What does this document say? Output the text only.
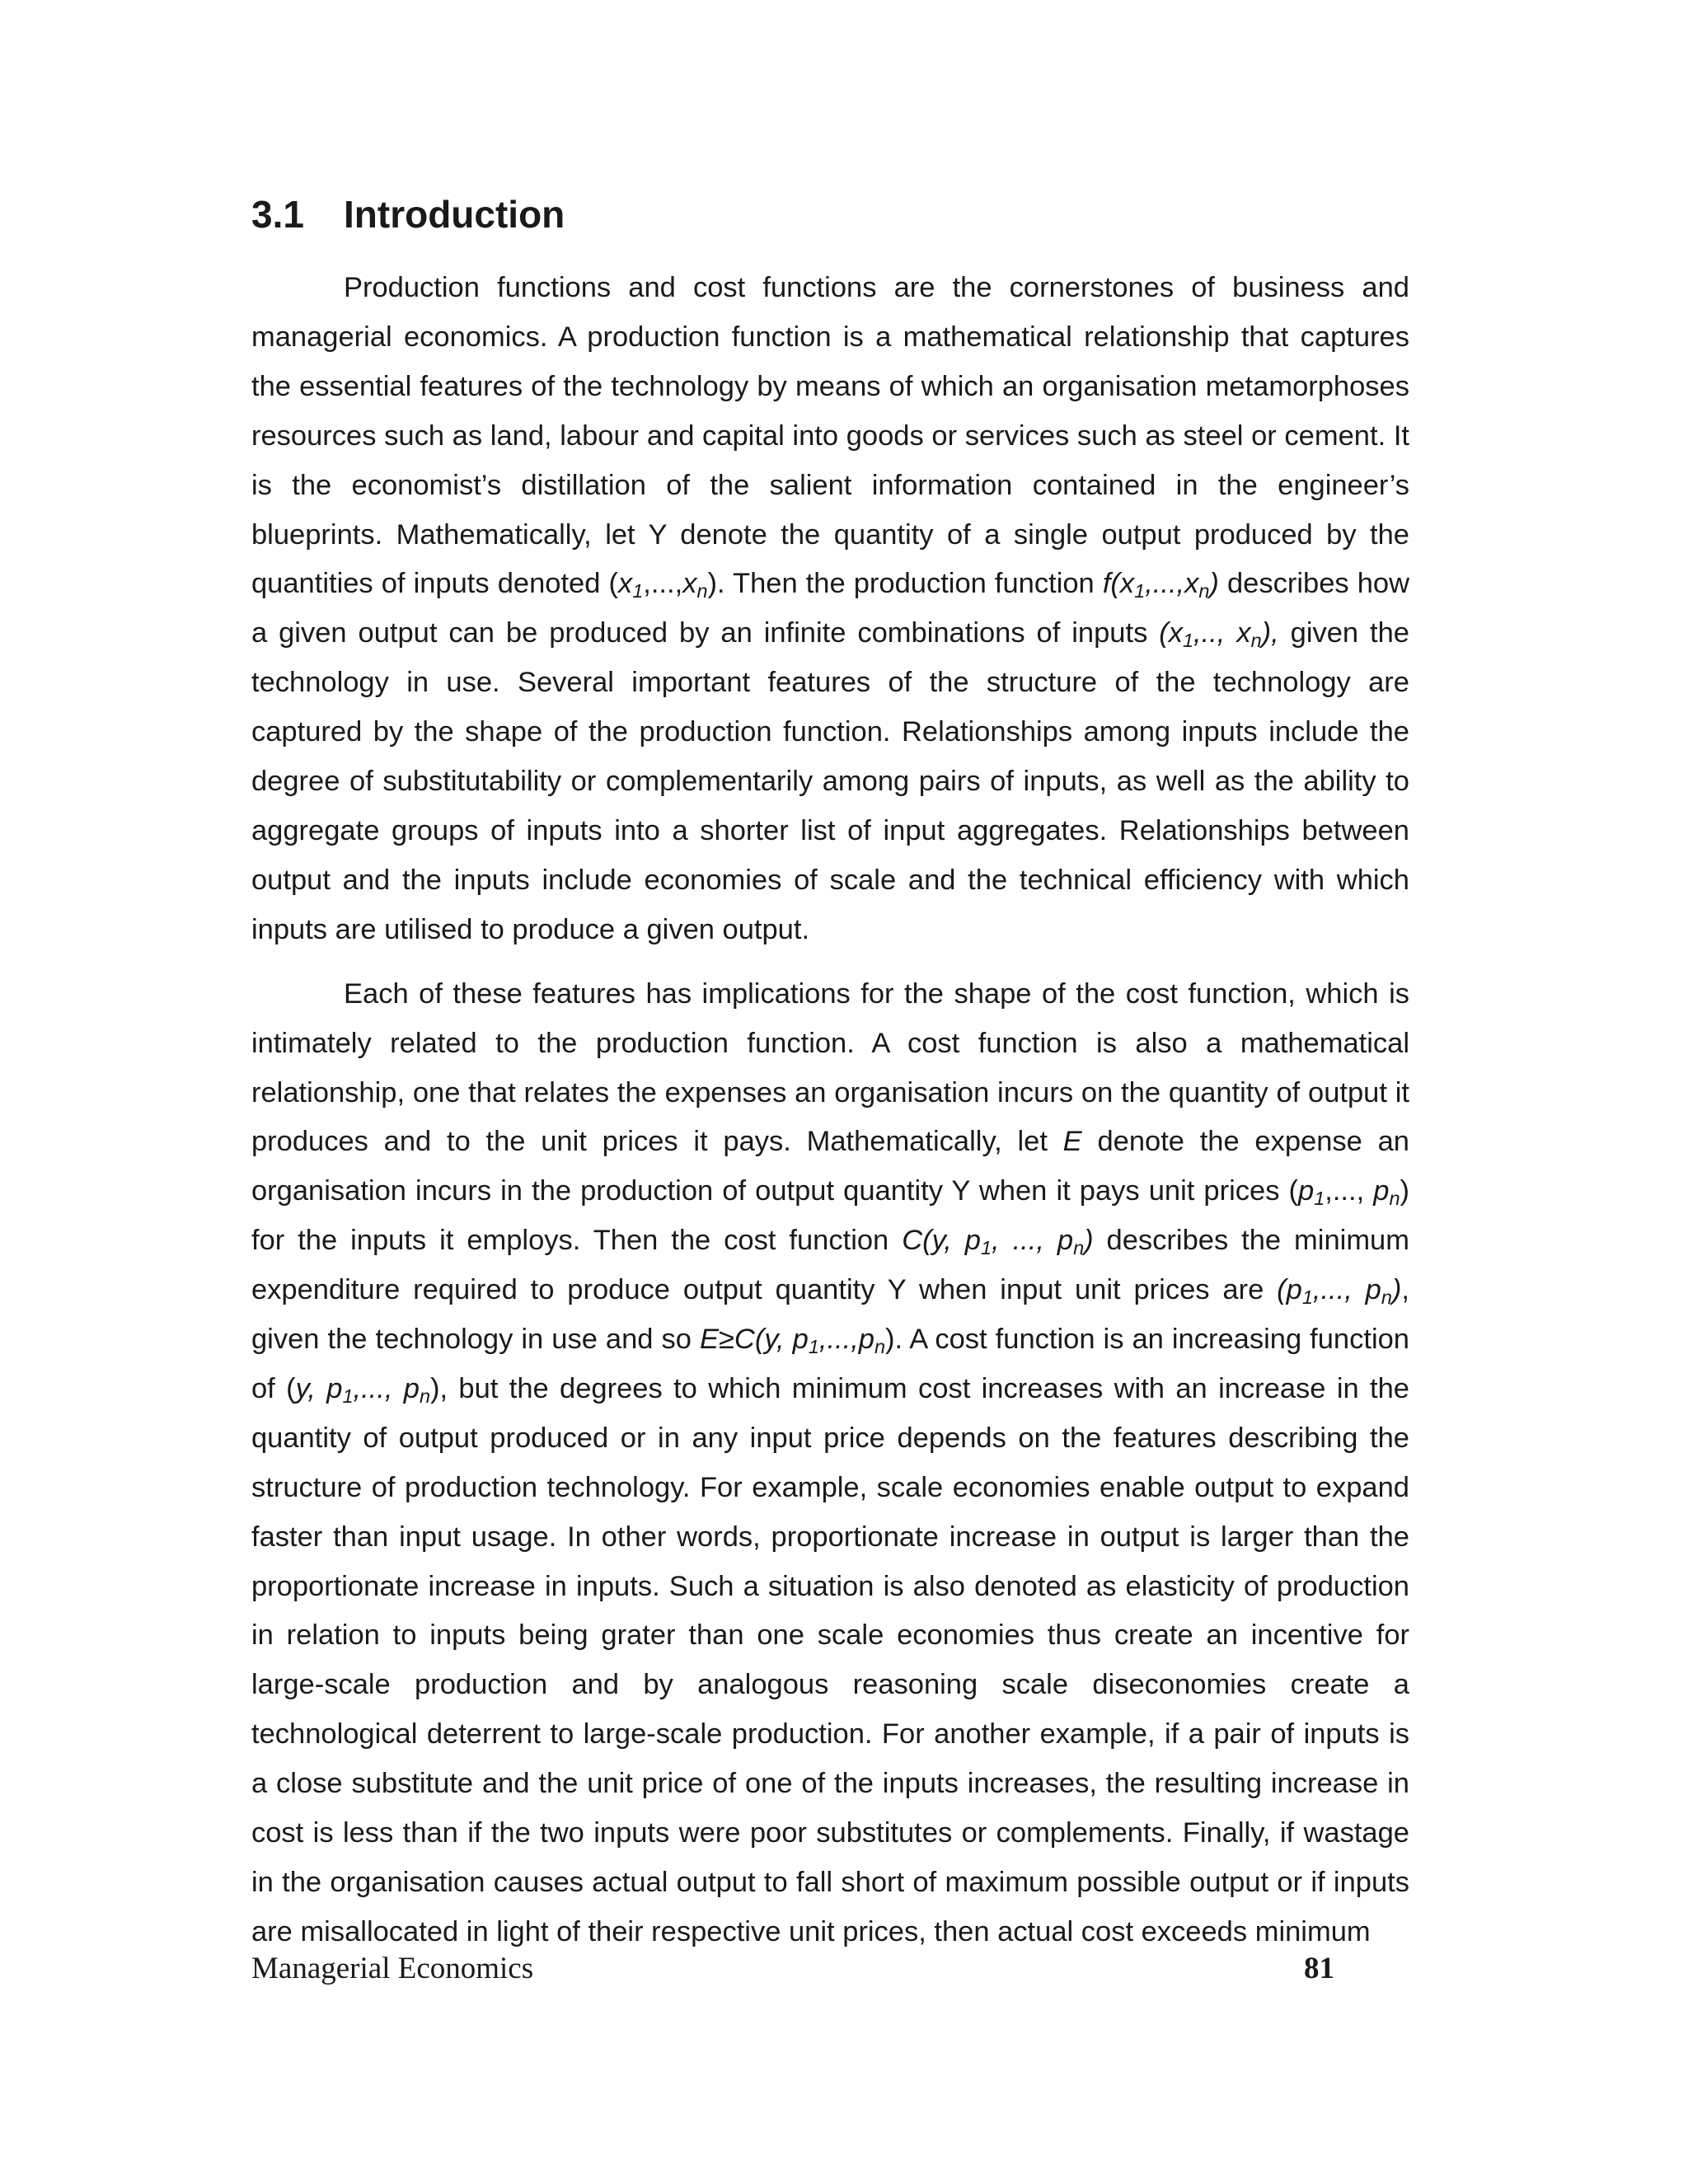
3.1 Introduction

Production functions and cost functions are the cornerstones of business and managerial economics. A production function is a mathematical relationship that captures the essential features of the technology by means of which an organisation metamorphoses resources such as land, labour and capital into goods or services such as steel or cement. It is the economist’s distillation of the salient information contained in the engineer’s blueprints. Mathematically, let Y denote the quantity of a single output produced by the quantities of inputs denoted $(x_1,...,x_n)$. Then the production function $f(x_1,...,x_n)$ describes how a given output can be produced by an infinite combinations of inputs ($x_1$,.., $x_n$), given the technology in use. Several important features of the structure of the technology are captured by the shape of the production function. Relationships among inputs include the degree of substitutability or complementarily among pairs of inputs, as well as the ability to aggregate groups of inputs into a shorter list of input aggregates. Relationships between output and the inputs include economies of scale and the technical efficiency with which inputs are utilised to produce a given output.

Each of these features has implications for the shape of the cost function, which is intimately related to the production function. A cost function is also a mathematical relationship, one that relates the expenses an organisation incurs on the quantity of output it produces and to the unit prices it pays. Mathematically, let E denote the expense an organisation incurs in the production of output quantity Y when it pays unit prices ($p_1$,..., $p_n$) for the inputs it employs. Then the cost function C(y, $p_1$, ..., $p_n$) describes the minimum expenditure required to produce output quantity Y when input unit prices are ($p_1$,..., $p_n$), given the technology in use and so E≥C(y, $p_1,...,p_n$). A cost function is an increasing function of (y, $p_1$,..., $p_n$), but the degrees to which minimum cost increases with an increase in the quantity of output produced or in any input price depends on the features describing the structure of production technology. For example, scale economies enable output to expand faster than input usage. In other words, proportionate increase in output is larger than the proportionate increase in inputs. Such a situation is also denoted as elasticity of production in relation to inputs being grater than one scale economies thus create an incentive for large-scale production and by analogous reasoning scale diseconomies create a technological deterrent to large-scale production. For another example, if a pair of inputs is a close substitute and the unit price of one of the inputs increases, the resulting increase in cost is less than if the two inputs were poor substitutes or complements. Finally, if wastage in the organisation causes actual output to fall short of maximum possible output or if inputs are misallocated in light of their respective unit prices, then actual cost exceeds minimum

Managerial Economics	81
